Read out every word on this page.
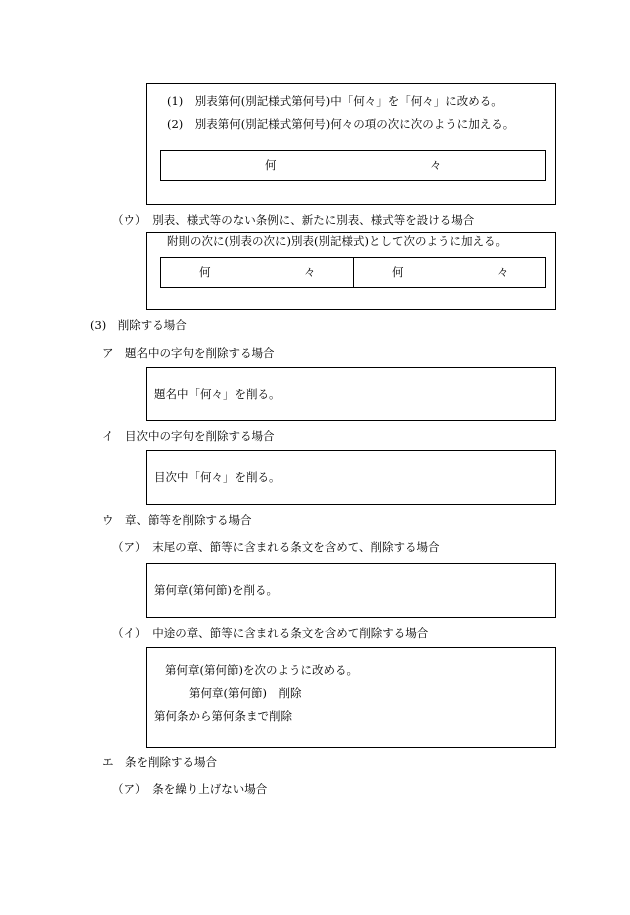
(1)　別表第何(別記様式第何号)中「何々」を「何々」に改める。
(2)　別表第何(別記様式第何号)何々の項の次に次のように加える。
何	々
（ウ）　別表、様式等のない条例に、新たに別表、様式等を設ける場合
附則の次に(別表の次に)別表(別記様式)として次のように加える。
何	々	何	々
(3)　削除する場合
ア　題名中の字句を削除する場合
題名中「何々」を削る。
イ　目次中の字句を削除する場合
目次中「何々」を削る。
ウ　章、節等を削除する場合
（ア）　末尾の章、節等に含まれる条文を含めて、削除する場合
第何章(第何節)を削る。
（イ）　中途の章、節等に含まれる条文を含めて削除する場合
第何章(第何節)を次のように改める。
第何章(第何節)　削除
第何条から第何条まで削除
エ　条を削除する場合
（ア）　条を繰り上げない場合
